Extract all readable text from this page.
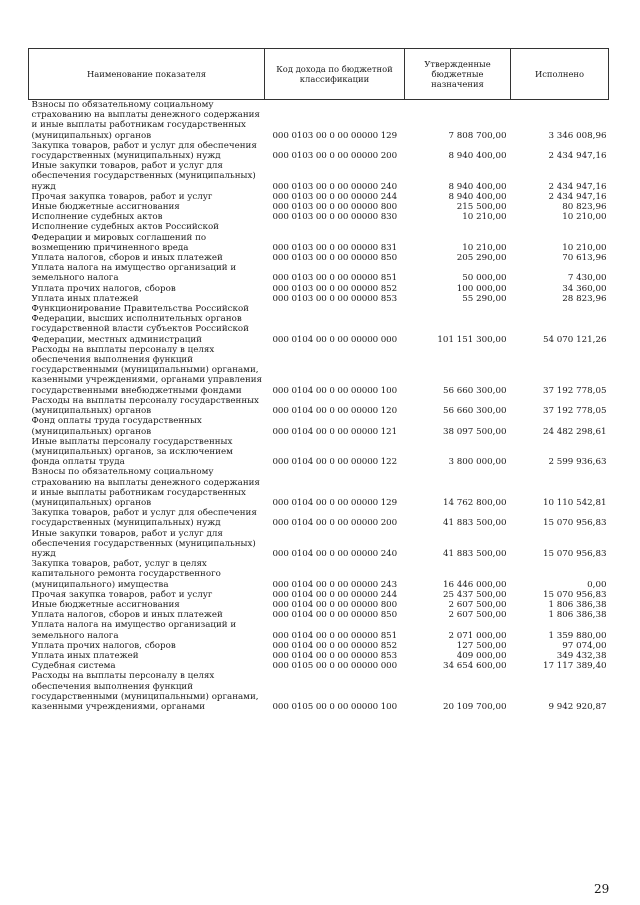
Наименование показателя	Код дохода по бюджетной классификации	Утвержденные бюджетные назначения	Исполнено
Взносы по обязательному социальному страхованию на выплаты денежного содержания и иные выплаты работникам государственных (муниципальных) органов	000 0103 00 0 00 00000 129	7 808 700,00	3 346 008,96
Закупка товаров, работ и услуг для обеспечения государственных (муниципальных) нужд	000 0103 00 0 00 00000 200	8 940 400,00	2 434 947,16
Иные закупки товаров, работ и услуг для обеспечения государственных (муниципальных) нужд	000 0103 00 0 00 00000 240	8 940 400,00	2 434 947,16
Прочая закупка товаров, работ и услуг	000 0103 00 0 00 00000 244	8 940 400,00	2 434 947,16
Иные бюджетные ассигнования	000 0103 00 0 00 00000 800	215 500,00	80 823,96
Исполнение судебных актов	000 0103 00 0 00 00000 830	10 210,00	10 210,00
Исполнение судебных актов Российской Федерации и мировых соглашений по возмещению причиненного вреда	000 0103 00 0 00 00000 831	10 210,00	10 210,00
Уплата налогов, сборов и иных платежей	000 0103 00 0 00 00000 850	205 290,00	70 613,96
Уплата налога на имущество организаций и земельного налога	000 0103 00 0 00 00000 851	50 000,00	7 430,00
Уплата прочих налогов, сборов	000 0103 00 0 00 00000 852	100 000,00	34 360,00
Уплата иных платежей	000 0103 00 0 00 00000 853	55 290,00	28 823,96
Функционирование Правительства Российской Федерации, высших исполнительных органов государственной власти субъектов Российской Федерации, местных администраций	000 0104 00 0 00 00000 000	101 151 300,00	54 070 121,26
Расходы на выплаты персоналу в целях обеспечения выполнения функций государственными (муниципальными) органами, казенными учреждениями, органами управления государственными внебюджетными фондами	000 0104 00 0 00 00000 100	56 660 300,00	37 192 778,05
Расходы на выплаты персоналу государственных (муниципальных) органов	000 0104 00 0 00 00000 120	56 660 300,00	37 192 778,05
Фонд оплаты труда государственных (муниципальных) органов	000 0104 00 0 00 00000 121	38 097 500,00	24 482 298,61
Иные выплаты персоналу государственных (муниципальных) органов, за исключением фонда оплаты труда	000 0104 00 0 00 00000 122	3 800 000,00	2 599 936,63
Взносы по обязательному социальному страхованию на выплаты денежного содержания и иные выплаты работникам государственных (муниципальных) органов	000 0104 00 0 00 00000 129	14 762 800,00	10 110 542,81
Закупка товаров, работ и услуг для обеспечения государственных (муниципальных) нужд	000 0104 00 0 00 00000 200	41 883 500,00	15 070 956,83
Иные закупки товаров, работ и услуг для обеспечения государственных (муниципальных) нужд	000 0104 00 0 00 00000 240	41 883 500,00	15 070 956,83
Закупка товаров, работ, услуг в целях капитального ремонта государственного (муниципального) имущества	000 0104 00 0 00 00000 243	16 446 000,00	0,00
Прочая закупка товаров, работ и услуг	000 0104 00 0 00 00000 244	25 437 500,00	15 070 956,83
Иные бюджетные ассигнования	000 0104 00 0 00 00000 800	2 607 500,00	1 806 386,38
Уплата налогов, сборов и иных платежей	000 0104 00 0 00 00000 850	2 607 500,00	1 806 386,38
Уплата налога на имущество организаций и земельного налога	000 0104 00 0 00 00000 851	2 071 000,00	1 359 880,00
Уплата прочих налогов, сборов	000 0104 00 0 00 00000 852	127 500,00	97 074,00
Уплата иных платежей	000 0104 00 0 00 00000 853	409 000,00	349 432,38
Судебная система	000 0105 00 0 00 00000 000	34 654 600,00	17 117 389,40
Расходы на выплаты персоналу в целях обеспечения выполнения функций государственными (муниципальными) органами, казенными учреждениями, органами	000 0105 00 0 00 00000 100	20 109 700,00	9 942 920,87
29
